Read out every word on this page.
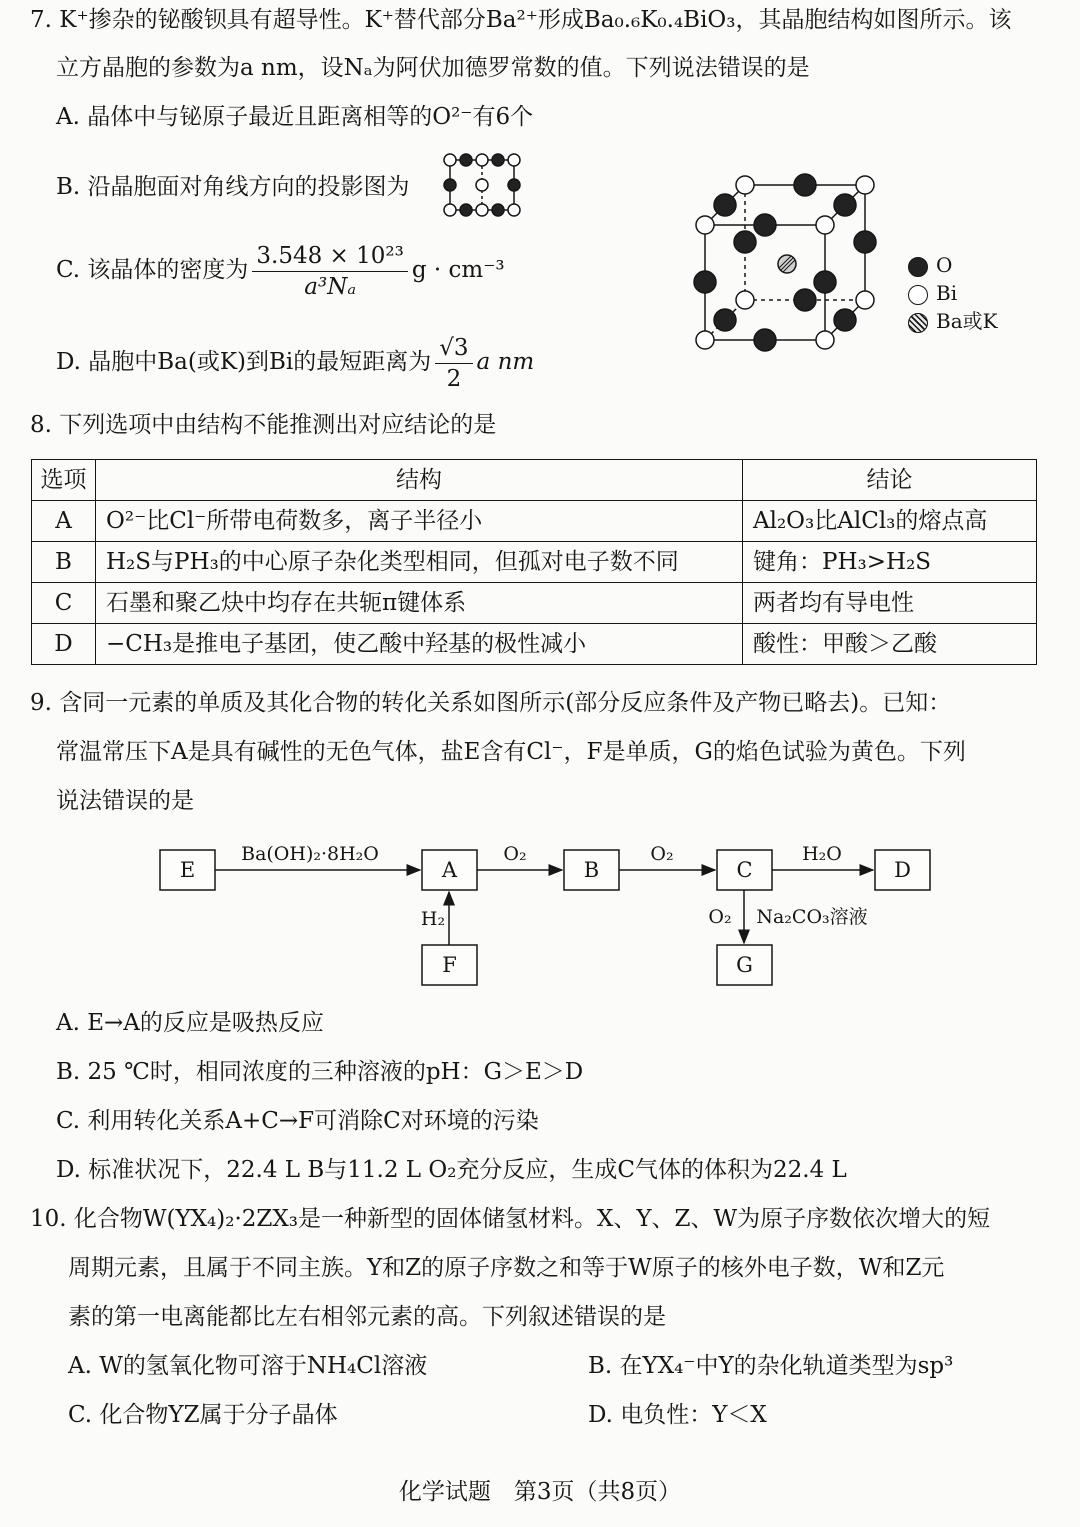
7. K⁺掺杂的铋酸钡具有超导性。K⁺替代部分Ba²⁺形成Ba₀.₆K₀.₄BiO₃，其晶胞结构如图所示。该
立方晶胞的参数为a nm，设Nₐ为阿伏加德罗常数的值。下列说法错误的是
A. 晶体中与铋原子最近且距离相等的O²⁻有6个
B. 沿晶胞面对角线方向的投影图为
C. 该晶体的密度为 $\frac{\text{3.548 × 10²³}}{\text{a³Nₐ}}$ g · cm⁻³
D. 晶胞中Ba(或K)到Bi的最短距离为 $\frac{√3}{2}$ a nm
O
Bi
Ba或K
8. 下列选项中由结构不能推测出对应结论的是
选项	结构	结论
A	O²⁻比Cl⁻所带电荷数多，离子半径小	Al₂O₃比AlCl₃的熔点高
B	H₂S与PH₃的中心原子杂化类型相同，但孤对电子数不同	键角：PH₃>H₂S
C	石墨和聚乙炔中均存在共轭π键体系	两者均有导电性
D	−CH₃是推电子基团，使乙酸中羟基的极性减小	酸性：甲酸＞乙酸
9. 含同一元素的单质及其化合物的转化关系如图所示(部分反应条件及产物已略去)。已知：
常温常压下A是具有碱性的无色气体，盐E含有Cl⁻，F是单质，G的焰色试验为黄色。下列
说法错误的是
E	A	B	C	D
F	G
Ba(OH)₂·8H₂O	O₂	O₂	H₂O
H₂	O₂ Na₂CO₃溶液
A. E→A的反应是吸热反应
B. 25 ℃时，相同浓度的三种溶液的pH：G＞E＞D
C. 利用转化关系A+C→F可消除C对环境的污染
D. 标准状况下，22.4 L B与11.2 L O₂充分反应，生成C气体的体积为22.4 L
10. 化合物W(YX₄)₂·2ZX₃是一种新型的固体储氢材料。X、Y、Z、W为原子序数依次增大的短
周期元素，且属于不同主族。Y和Z的原子序数之和等于W原子的核外电子数，W和Z元
素的第一电离能都比左右相邻元素的高。下列叙述错误的是
A. W的氢氧化物可溶于NH₄Cl溶液	B. 在YX₄⁻中Y的杂化轨道类型为sp³
C. 化合物YZ属于分子晶体	D. 电负性：Y＜X
化学试题　第3页（共8页）
